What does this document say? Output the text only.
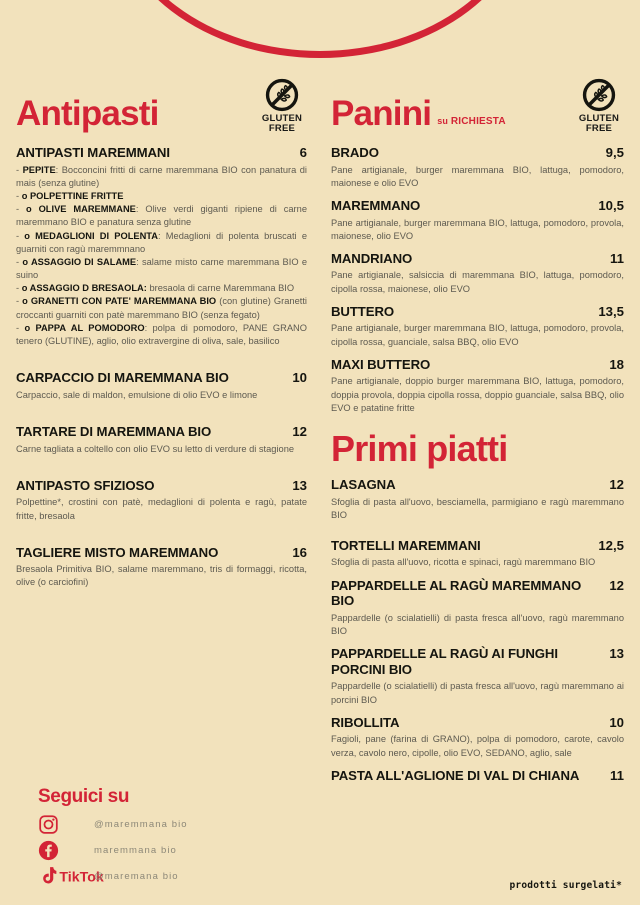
Antipasti	GLUTEN
FREE
ANTIPASTI MAREMMANI	6
- PEPITE: Bocconcini fritti di carne maremmana BIO con panatura di mais (senza glutine)
- o POLPETTINE FRITTE
- o OLIVE MAREMMANE: Olive verdi giganti ripiene di carne maremmano BIO e panatura senza glutine
- o MEDAGLIONI DI POLENTA: Medaglioni di polenta bruscati e guarniti con ragù maremmnano
- o ASSAGGIO DI SALAME: salame misto carne maremmana BIO e suino
- o ASSAGGIO D BRESAOLA: bresaola di carne Maremmana BIO
- o GRANETTI CON PATE' MAREMMANA BIO (con glutine) Granetti croccanti guarniti con patè maremmano BIO (senza fegato)
- o PAPPA AL POMODORO: polpa di pomodoro, PANE GRANO tenero (GLUTINE), aglio, olio extravergine di oliva, sale, basilico
CARPACCIO DI MAREMMANA BIO	10
Carpaccio, sale di maldon, emulsione di olio EVO e limone
TARTARE DI MAREMMANA BIO	12
Carne tagliata a coltello con olio EVO su letto di verdure di stagione
ANTIPASTO SFIZIOSO	13
Polpettine*, crostini con patè, medaglioni di polenta e ragù, patate fritte, bresaola
TAGLIERE MISTO MAREMMANO	16
Bresaola Primitiva BIO, salame maremmano, tris di formaggi, ricotta, olive (o carciofini)
Seguici su
@maremmana bio
maremmana bio
TikTok
@maremana bio
Panini su RICHIESTA	GLUTEN
FREE
BRADO	9,5
Pane artigianale, burger maremmana BIO, lattuga, pomodoro, maionese e olio EVO
MAREMMANO	10,5
Pane artigianale, burger maremmana BIO, lattuga, pomodoro, provola, maionese, olio EVO
MANDRIANO	11
Pane artigianale, salsiccia di maremmana BIO, lattuga, pomodoro, cipolla rossa, maionese, olio EVO
BUTTERO	13,5
Pane artigianale, burger maremmana BIO, lattuga, pomodoro, provola, cipolla rossa, guanciale, salsa BBQ, olio EVO
MAXI BUTTERO	18
Pane artigianale, doppio burger maremmana BIO, lattuga, pomodoro, doppia provola, doppia cipolla rossa, doppio guanciale, salsa BBQ, olio EVO e patatine fritte
Primi piatti
LASAGNA	12
Sfoglia di pasta all'uovo, besciamella, parmigiano e ragù maremmano BIO
TORTELLI MAREMMANI	12,5
Sfoglia di pasta all'uovo, ricotta e spinaci, ragù maremmano BIO
PAPPARDELLE AL RAGÙ MAREMMANO BIO
12
Pappardelle (o scialatielli) di pasta fresca all'uovo, ragù maremmano BIO
PAPPARDELLE AL RAGÙ AI FUNGHI PORCINI BIO
13
Pappardelle (o scialatielli) di pasta fresca all'uovo, ragù maremmano ai porcini BIO
RIBOLLITA	10
Fagioli, pane (farina di GRANO), polpa di pomodoro, carote, cavolo verza, cavolo nero, cipolle, olio EVO, SEDANO, aglio, sale
PASTA ALL'AGLIONE DI VAL DI CHIANA	11
prodotti surgelati*
